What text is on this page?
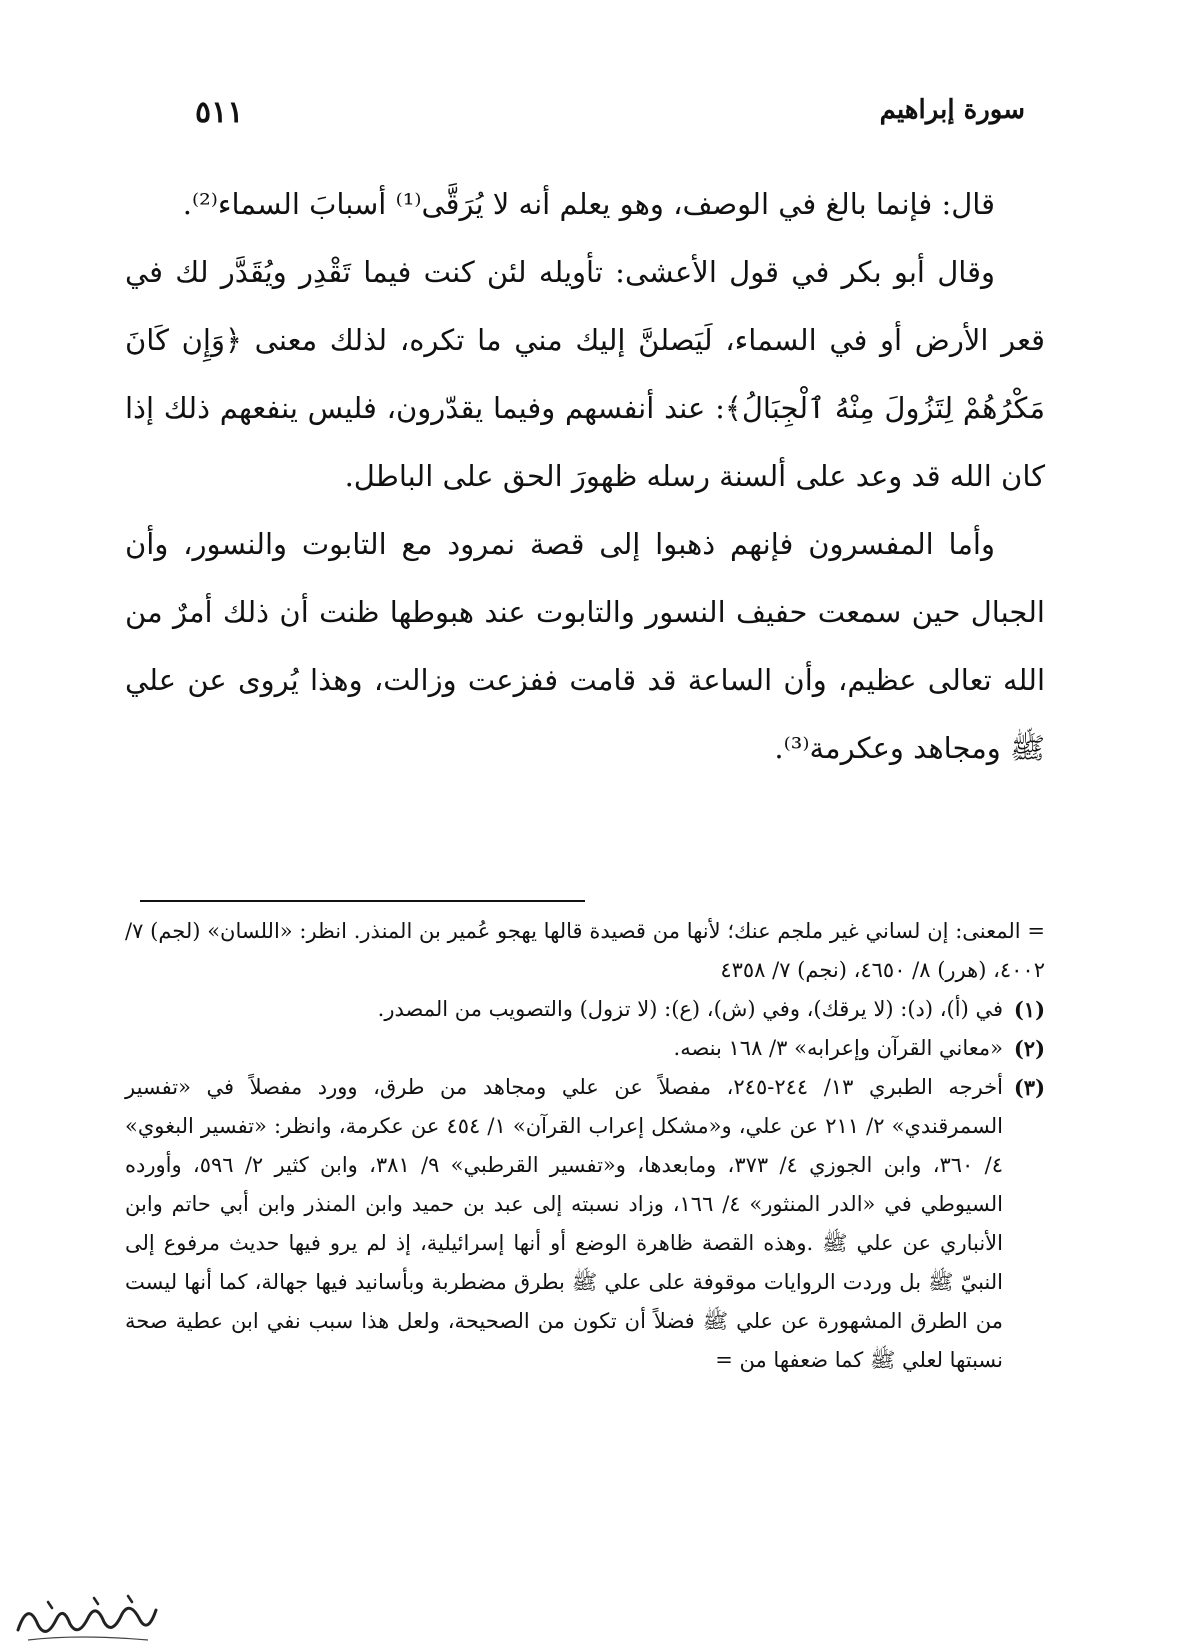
سورة إبراهيم
٥١١

قال: فإنما بالغ في الوصف، وهو يعلم أنه لا يُرَقَّى⁽¹⁾ أسبابَ السماء⁽²⁾.

وقال أبو بكر في قول الأعشى: تأويله لئن كنت فيما تَقْدِر ويُقَدَّر لك في قعر الأرض أو في السماء، لَيَصلنَّ إليك مني ما تكره، لذلك معنى ﴿وَإِن كَانَ مَكْرُهُمْ لِتَزُولَ مِنْهُ ٱلْجِبَالُ﴾: عند أنفسهم وفيما يقدّرون، فليس ينفعهم ذلك إذا كان الله قد وعد على ألسنة رسله ظهورَ الحق على الباطل.

وأما المفسرون فإنهم ذهبوا إلى قصة نمرود مع التابوت والنسور، وأن الجبال حين سمعت حفيف النسور والتابوت عند هبوطها ظنت أن ذلك أمرٌ من الله تعالى عظيم، وأن الساعة قد قامت ففزعت وزالت، وهذا يُروى عن علي ﷺ ومجاهد وعكرمة⁽³⁾.

= المعنى: إن لساني غير ملجم عنك؛ لأنها من قصيدة قالها يهجو عُمير بن المنذر. انظر: «اللسان» (لجم) ٧/ ٤٠٠٢، (هرر) ٨/ ٤٦٥٠، (نجم) ٧/ ٤٣٥٨

(١)
في (أ)، (د): (لا يرقك)، وفي (ش)، (ع): (لا تزول) والتصويب من المصدر.
(٢)
«معاني القرآن وإعرابه» ٣/ ١٦٨ بنصه.
(٣)
أخرجه الطبري ١٣/ ٢٤٤-٢٤٥، مفصلاً عن علي ومجاهد من طرق، وورد مفصلاً في «تفسير السمرقندي» ٢/ ٢١١ عن علي، و«مشكل إعراب القرآن» ١/ ٤٥٤ عن عكرمة، وانظر: «تفسير البغوي» ٤/ ٣٦٠، وابن الجوزي ٤/ ٣٧٣، ومابعدها، و«تفسير القرطبي» ٩/ ٣٨١، وابن كثير ٢/ ٥٩٦، وأورده السيوطي في «الدر المنثور» ٤/ ١٦٦، وزاد نسبته إلى عبد بن حميد وابن المنذر وابن أبي حاتم وابن الأنباري عن علي ﷺ .وهذه القصة ظاهرة الوضع أو أنها إسرائيلية، إذ لم يرو فيها حديث مرفوع إلى النبيّ ﷺ بل وردت الروايات موقوفة على علي ﷺ بطرق مضطربة وبأسانيد فيها جهالة، كما أنها ليست من الطرق المشهورة عن علي ﷺ فضلاً أن تكون من الصحيحة، ولعل هذا سبب نفي ابن عطية صحة نسبتها لعلي ﷺ كما ضعفها من =
